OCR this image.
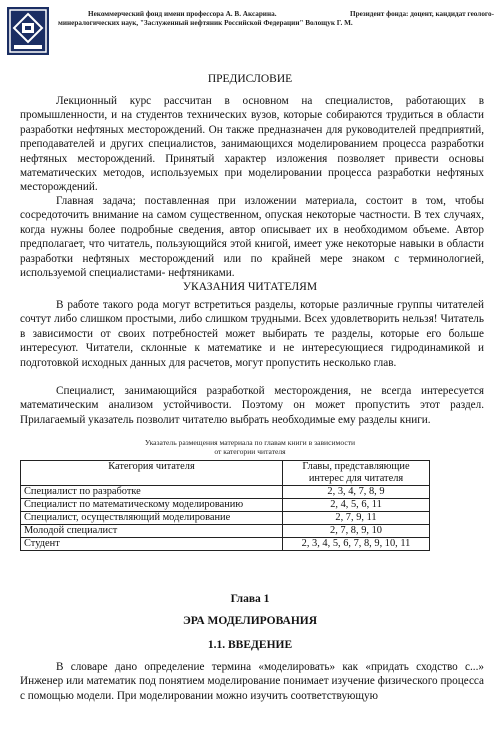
Некоммерческий фонд имени профессора А. В. Аксарина.	Президент фонда: доцент, кандидат геолого-
минералогических наук, "Заслуженный нефтяник Российской Федерации" Волощук Г. М.
ПРЕДИСЛОВИЕ
Лекционный курс рассчитан в основном на специалистов, работающих в промышленности, и на студентов технических вузов, которые собираются трудиться в области разработки нефтяных месторождений. Он также предназначен для руководителей предприятий, преподавателей и других специалистов, занимающихся моделированием процесса разработки нефтяных месторождений. Принятый характер изложения позволяет привести основы математических методов, используемых при моделировании процесса разработки нефтяных месторождений.
Главная задача; поставленная при изложении материала, состоит в том, чтобы сосредоточить внимание на самом существенном, опуская некоторые частности. В тех случаях, когда нужны более подробные сведения, автор описывает их в необходимом объеме. Автор предполагает, что читатель, пользующийся этой книгой, имеет уже некоторые навыки в области разработки нефтяных месторождений или по крайней мере знаком с терминологией, используемой специалистами- нефтяниками.
УКАЗАНИЯ ЧИТАТЕЛЯМ
В работе такого рода могут встретиться разделы, которые различные группы читателей сочтут либо слишком простыми, либо слишком трудными. Всех удовлетворить нельзя! Читатель в зависимости от своих потребностей может выбирать те разделы, которые его больше интересуют. Читатели, склонные к математике и не интересующиеся гидродинамикой и подготовкой исходных данных для расчетов, могут пропустить несколько глав.
Специалист, занимающийся разработкой месторождения, не всегда интересуется математическим анализом устойчивости. Поэтому он может пропустить этот раздел. Прилагаемый указатель позволит читателю выбрать необходимые ему разделы книги.
Указатель размещения материала по главам книги в зависимости
от категории читателя
Категория читателя	Главы, представляющие интерес для читателя
Специалист по разработке	2, 3, 4, 7, 8, 9
Специалист по математическому моделированию	2, 4, 5, 6, 11
Специалист, осуществляющий моделирование	2, 7, 9, 11
Молодой специалист	2, 7, 8, 9, 10
Студент	2, 3, 4, 5, 6, 7, 8, 9, 10, 11
Глава 1
ЭРА МОДЕЛИРОВАНИЯ
1.1. ВВЕДЕНИЕ
В словаре дано определение термина «моделировать» как «придать сходство с...» Инженер или математик под понятием моделирование понимает изучение физического процесса с помощью модели. При моделировании можно изучить соответствующую
